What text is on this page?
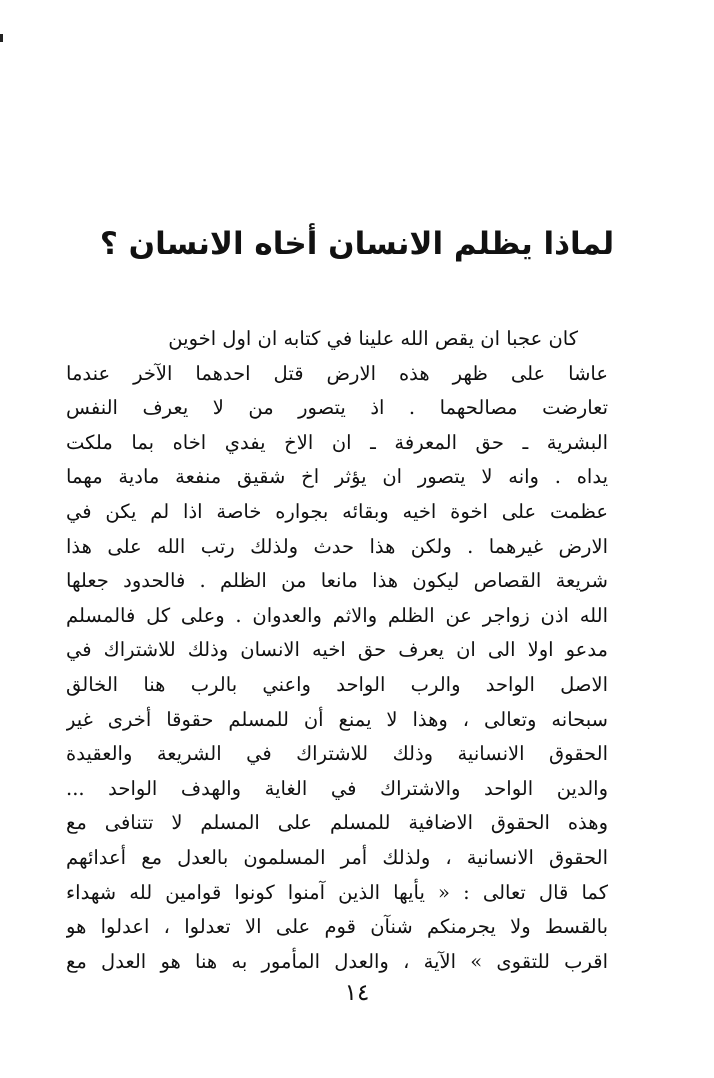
لماذا يظلم الانسان أخاه الانسان ؟
كان عجبا ان يقص الله علينا في كتابه ان اول اخوين
عاشا على ظهر هذه الارض قتل احدهما الآخر عندما
تعارضت مصالحهما . اذ يتصور من لا يعرف النفس
البشرية ـ حق المعرفة ـ ان الاخ يفدي اخاه بما ملكت
يداه . وانه لا يتصور ان يؤثر اخ شقيق منفعة مادية مهما
عظمت على اخوة اخيه وبقائه بجواره خاصة اذا لم يكن في
الارض غيرهما . ولكن هذا حدث ولذلك رتب الله على هذا
شريعة القصاص ليكون هذا مانعا من الظلم . فالحدود جعلها
الله اذن زواجر عن الظلم والاثم والعدوان . وعلى كل فالمسلم
مدعو اولا الى ان يعرف حق اخيه الانسان وذلك للاشتراك في
الاصل الواحد والرب الواحد واعني بالرب هنا الخالق
سبحانه وتعالى ، وهذا لا يمنع أن للمسلم حقوقا أخرى غير
الحقوق الانسانية وذلك للاشتراك في الشريعة والعقيدة
والدين الواحد والاشتراك في الغاية والهدف الواحد ...
وهذه الحقوق الاضافية للمسلم على المسلم لا تتنافى مع
الحقوق الانسانية ، ولذلك أمر المسلمون بالعدل مع أعدائهم
كما قال تعالى : « يأيها الذين آمنوا كونوا قوامين لله شهداء
بالقسط ولا يجرمنكم شنآن قوم على الا تعدلوا ، اعدلوا هو
اقرب للتقوى » الآية ، والعدل المأمور به هنا هو العدل مع
١٤
